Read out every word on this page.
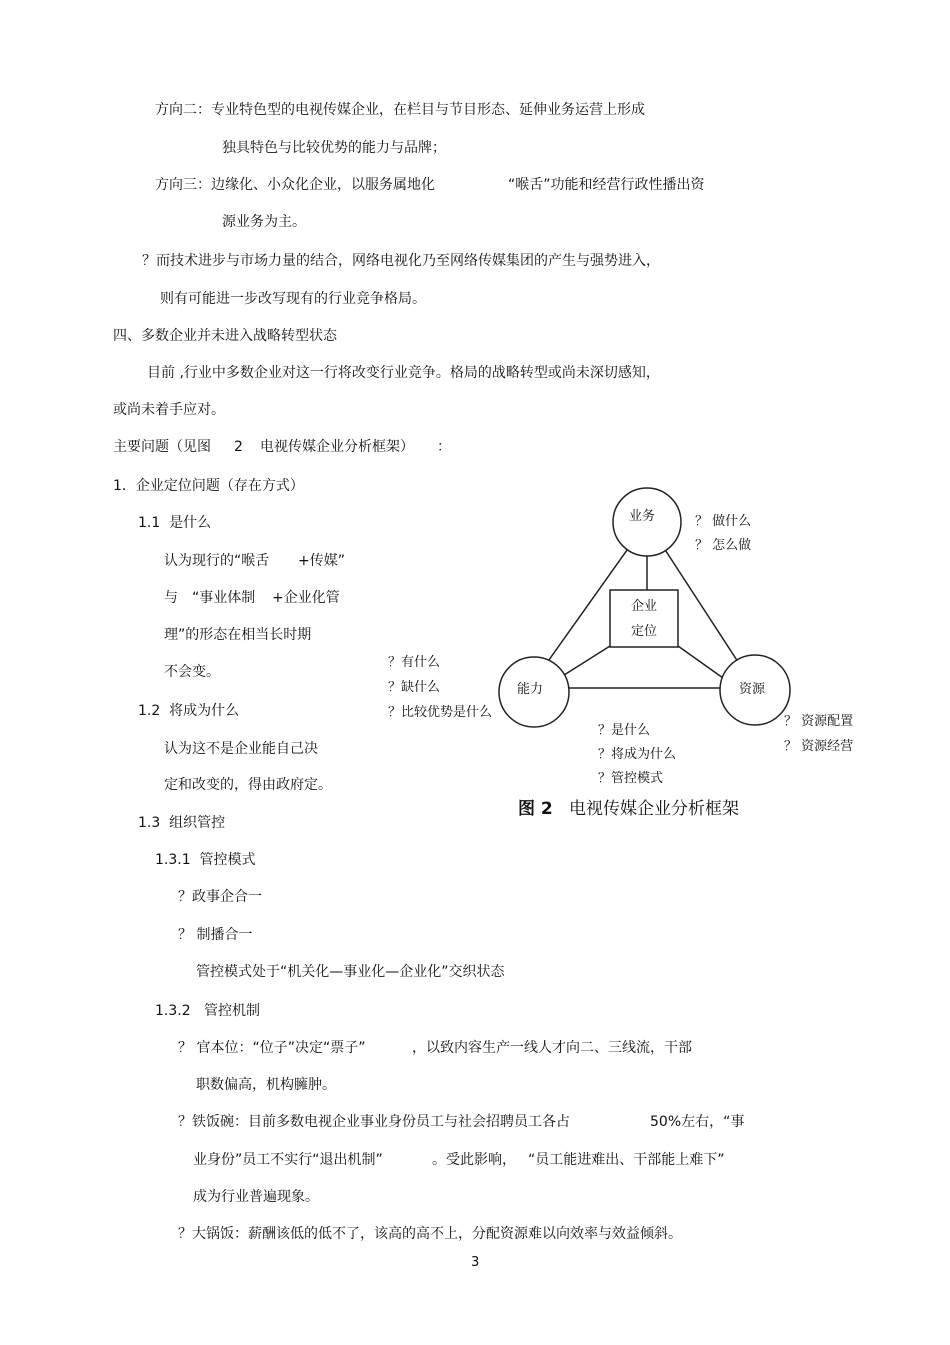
方向二：专业特色型的电视传媒企业，在栏目与节目形态、延伸业务运营上形成
独具特色与比较优势的能力与品牌；
方向三：边缘化、小众化企业，以服务属地化	“喉舌”功能和经营行政性播出资
源业务为主。
？而技术进步与市场力量的结合，网络电视化乃至网络传媒集团的产生与强势进入，
则有可能进一步改写现有的行业竞争格局。
四、多数企业并未进入战略转型状态
目前 ,行业中多数企业对这一行将改变行业竞争。格局的战略转型或尚未深切感知，
或尚未着手应对。
主要问题（见图 2 电视传媒企业分析框架） ：
1．企业定位问题（存在方式）
1.1  是什么
认为现行的“喉舌 +传媒”
与 “事业体制 +企业化管
理”的形态在相当长时期
不会变。
1.2  将成为什么
认为这不是企业能自己决
定和改变的，得由政府定。
1.3  组织管控
1.3.1  管控模式
？政事企合一
？ 制播合一
管控模式处于“机关化—事业化—企业化”交织状态
1.3.2   管控机制
？ 官本位：“位子”决定“票子”	，以致内容生产一线人才向二、三线流，干部
职数偏高，机构臃肿。
？铁饭碗：目前多数电视企业事业身份员工与社会招聘员工各占	50%左右，“事
业身份”员工不实行“退出机制”	。受此影响， “员工能进难出、干部能上难下”
成为行业普遍现象。
？大锅饭：薪酬该低的低不了，该高的高不上，分配资源难以向效率与效益倾斜。
业务
企业
定位
能力	资源
？ 做什么
？ 怎么做
？有什么
？缺什么
？比较优势是什么
？ 资源配置
？ 资源经营
？是什么
？将成为什么
？管控模式
图 2 电视传媒企业分析框架
3
